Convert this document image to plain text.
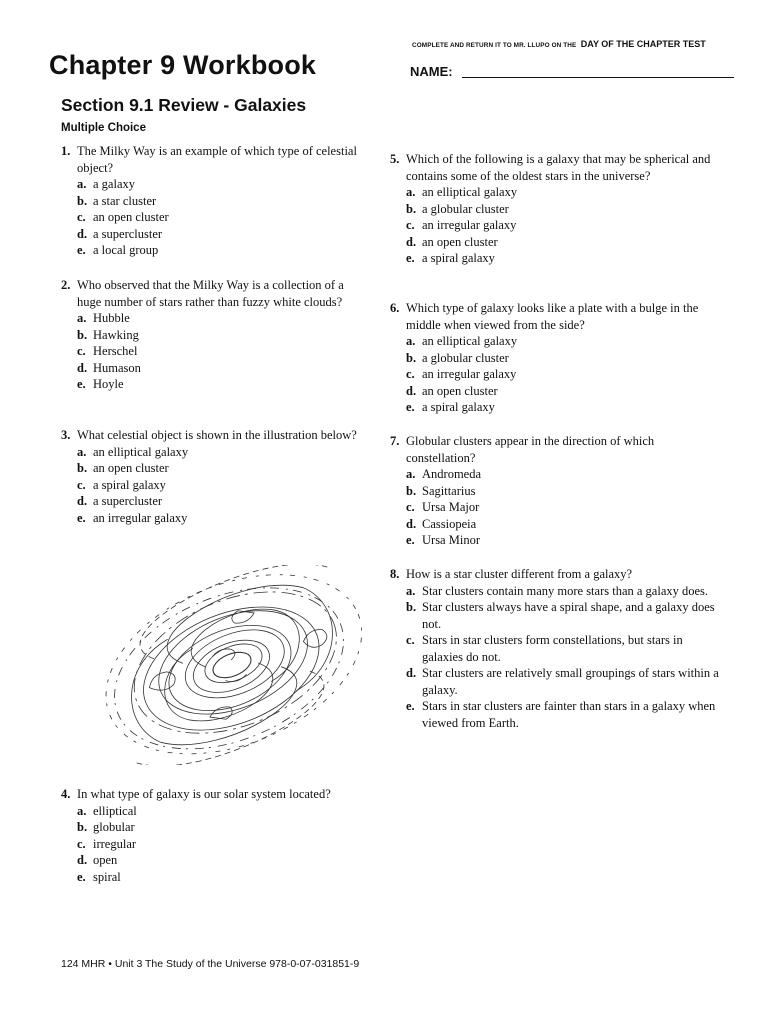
COMPLETE AND RETURN IT TO MR. LLUPO ON THE DAY OF THE CHAPTER TEST
Chapter 9 Workbook	NAME:
Section 9.1 Review - Galaxies
Multiple Choice
1. The Milky Way is an example of which type of celestial object?
a. a galaxy
b. a star cluster
c. an open cluster
d. a supercluster
e. a local group
2. Who observed that the Milky Way is a collection of a huge number of stars rather than fuzzy white clouds?
a. Hubble
b. Hawking
c. Herschel
d. Humason
e. Hoyle
3. What celestial object is shown in the illustration below?
a. an elliptical galaxy
b. an open cluster
c. a spiral galaxy
d. a supercluster
e. an irregular galaxy
4. In what type of galaxy is our solar system located?
a. elliptical
b. globular
c. irregular
d. open
e. spiral
5. Which of the following is a galaxy that may be spherical and contains some of the oldest stars in the universe?
a. an elliptical galaxy
b. a globular cluster
c. an irregular galaxy
d. an open cluster
e. a spiral galaxy
6. Which type of galaxy looks like a plate with a bulge in the middle when viewed from the side?
a. an elliptical galaxy
b. a globular cluster
c. an irregular galaxy
d. an open cluster
e. a spiral galaxy
7. Globular clusters appear in the direction of which constellation?
a. Andromeda
b. Sagittarius
c. Ursa Major
d. Cassiopeia
e. Ursa Minor
8. How is a star cluster different from a galaxy?
a. Star clusters contain many more stars than a galaxy does.
b. Star clusters always have a spiral shape, and a galaxy does not.
c. Stars in star clusters form constellations, but stars in galaxies do not.
d. Star clusters are relatively small groupings of stars within a galaxy.
e. Stars in star clusters are fainter than stars in a galaxy when viewed from Earth.
124 MHR • Unit 3 The Study of the Universe 978-0-07-031851-9
